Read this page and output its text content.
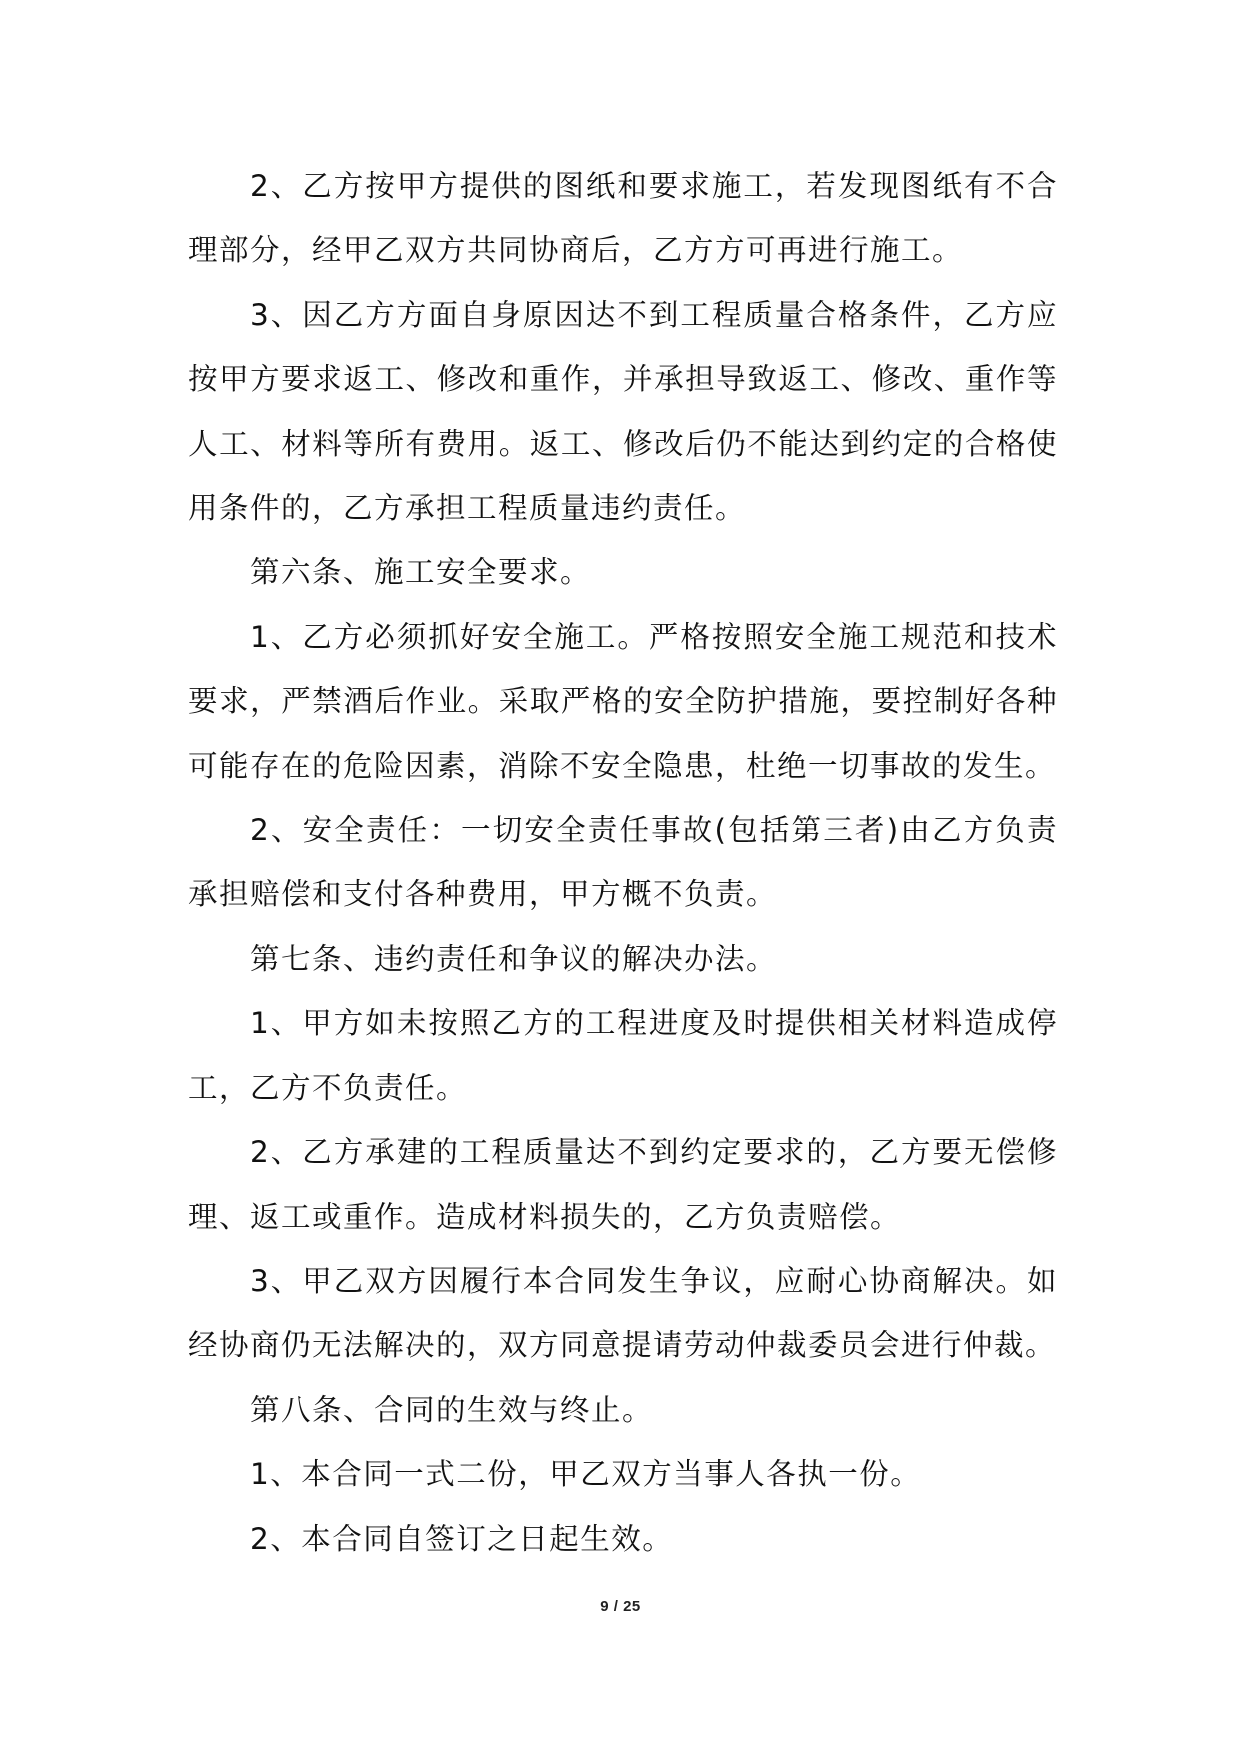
2、乙方按甲方提供的图纸和要求施工，若发现图纸有不合理部分，经甲乙双方共同协商后，乙方方可再进行施工。

3、因乙方方面自身原因达不到工程质量合格条件，乙方应按甲方要求返工、修改和重作，并承担导致返工、修改、重作等人工、材料等所有费用。返工、修改后仍不能达到约定的合格使用条件的，乙方承担工程质量违约责任。

第六条、施工安全要求。

1、乙方必须抓好安全施工。严格按照安全施工规范和技术要求，严禁酒后作业。采取严格的安全防护措施，要控制好各种可能存在的危险因素，消除不安全隐患，杜绝一切事故的发生。

2、安全责任：一切安全责任事故(包括第三者)由乙方负责承担赔偿和支付各种费用，甲方概不负责。

第七条、违约责任和争议的解决办法。

1、甲方如未按照乙方的工程进度及时提供相关材料造成停工，乙方不负责任。

2、乙方承建的工程质量达不到约定要求的，乙方要无偿修理、返工或重作。造成材料损失的，乙方负责赔偿。

3、甲乙双方因履行本合同发生争议，应耐心协商解决。如经协商仍无法解决的，双方同意提请劳动仲裁委员会进行仲裁。

第八条、合同的生效与终止。

1、本合同一式二份，甲乙双方当事人各执一份。

2、本合同自签订之日起生效。

9 / 25
